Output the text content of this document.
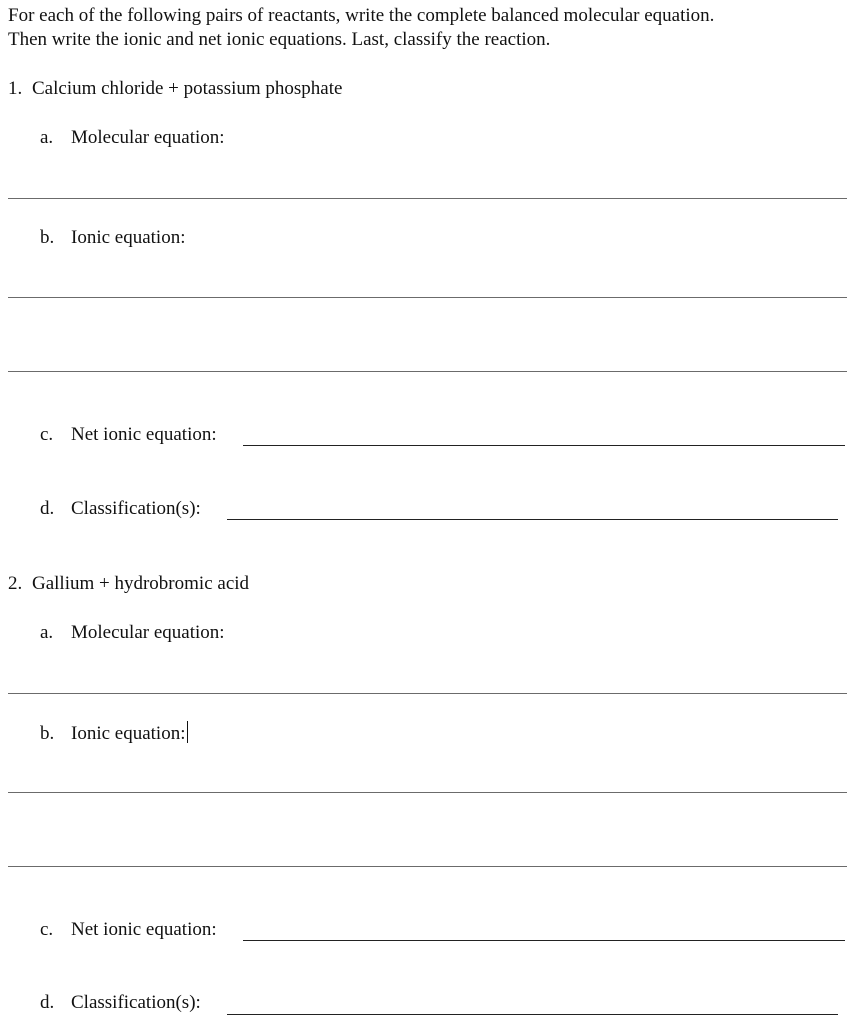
For each of the following pairs of reactants, write the complete balanced molecular equation.
Then write the ionic and net ionic equations. Last, classify the reaction.
1. Calcium chloride + potassium phosphate
a. Molecular equation:
b. Ionic equation:
c. Net ionic equation:
d. Classification(s):
2. Gallium + hydrobromic acid
a. Molecular equation:
b. Ionic equation:
c. Net ionic equation:
d. Classification(s):
